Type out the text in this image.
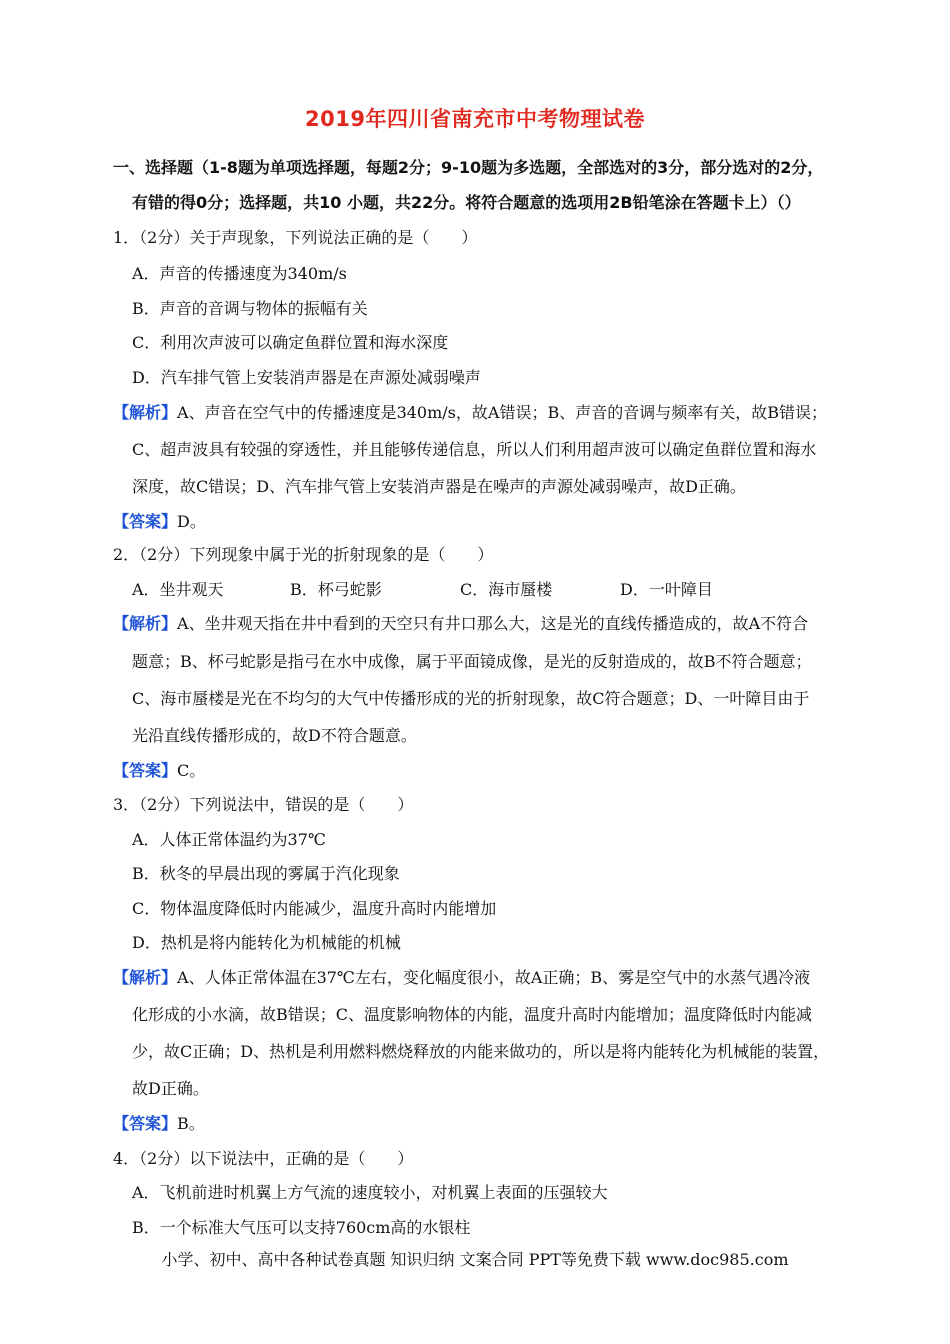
2019年四川省南充市中考物理试卷
一、选择题（1-8题为单项选择题，每题2分；9-10题为多选题，全部选对的3分，部分选对的2分，
有错的得0分；选择题，共10 小题，共22分。将符合题意的选项用2B铅笔涂在答题卡上）（）
1．（2分）关于声现象，下列说法正确的是（　　）
A．声音的传播速度为340m/s
B．声音的音调与物体的振幅有关
C．利用次声波可以确定鱼群位置和海水深度
D．汽车排气管上安装消声器是在声源处减弱噪声
【解析】A、声音在空气中的传播速度是340m/s，故A错误；B、声音的音调与频率有关，故B错误；
C、超声波具有较强的穿透性，并且能够传递信息，所以人们利用超声波可以确定鱼群位置和海水
深度，故C错误；D、汽车排气管上安装消声器是在噪声的声源处减弱噪声，故D正确。
【答案】D。
2．（2分）下列现象中属于光的折射现象的是（　　）
A．坐井观天	B．杯弓蛇影	C．海市蜃楼	D．一叶障目
【解析】A、坐井观天指在井中看到的天空只有井口那么大，这是光的直线传播造成的，故A不符合
题意；B、杯弓蛇影是指弓在水中成像，属于平面镜成像，是光的反射造成的，故B不符合题意；
C、海市蜃楼是光在不均匀的大气中传播形成的光的折射现象，故C符合题意；D、一叶障目由于
光沿直线传播形成的，故D不符合题意。
【答案】C。
3．（2分）下列说法中，错误的是（　　）
A．人体正常体温约为37℃
B．秋冬的早晨出现的雾属于汽化现象
C．物体温度降低时内能减少，温度升高时内能增加
D．热机是将内能转化为机械能的机械
【解析】A、人体正常体温在37℃左右，变化幅度很小，故A正确；B、雾是空气中的水蒸气遇冷液
化形成的小水滴，故B错误；C、温度影响物体的内能，温度升高时内能增加；温度降低时内能减
少，故C正确；D、热机是利用燃料燃烧释放的内能来做功的，所以是将内能转化为机械能的装置，
故D正确。
【答案】B。
4．（2分）以下说法中，正确的是（　　）
A．飞机前进时机翼上方气流的速度较小，对机翼上表面的压强较大
B．一个标准大气压可以支持760cm高的水银柱
小学、初中、高中各种试卷真题 知识归纳 文案合同 PPT等免费下载 www.doc985.com
